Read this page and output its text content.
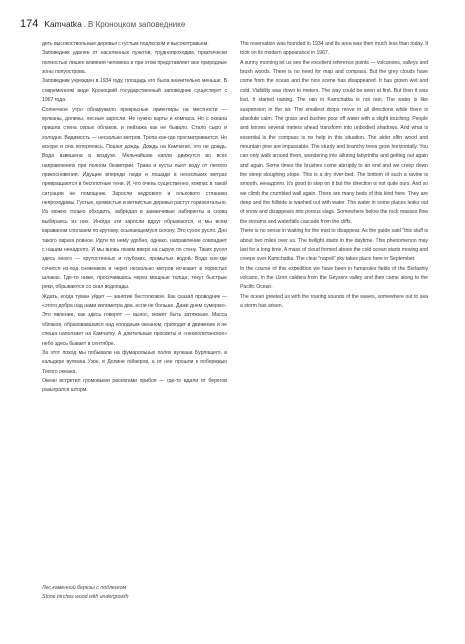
174 Kamчatka . В Кроноцком заповеднике

деть высокоствольные деревья с густым подлеском и высокотравьем.

Заповедник удален от населенных пунктов, труднопроходим, практически полностью лишен влияния человека и при этом представляет все природные зоны полуострова.

Заповедник учрежден в 1934 году, площадь его была значительно меньше. В современном виде Кроноцкий государственный заповедник существует с 1967 года.

Солнечное утро обнаружило прекрасные ориентиры на местности — вулканы, долины, лесные заросли. Не нужно карты и компаса. Но с океана пришла стена серых облаков, и пейзажа как не бывало. Стало сыро и холодно. Видимость — несколько метров. Тропа кое-где просматривается. Но вскоре и она потерялась. Пошел дождь. Дождь на Камчатке, это не дождь. Вода взвешена в воздухе. Мельчайшие капли движутся во всех направлениях при полном безветрии. Трава и кусты льют воду от легкого прикосновения. Идущие впереди люди и лошади в нескольких метрах превращаются в бесплотные тени. И, что очень существенно, компас в такой ситуации не помощник. Заросли кедрового и ольхового стланика непроходимы. Густые, кряжистые и ветвистые деревья растут горизонтально. Из можно только обходить, забредая в заманчивые лабиринты и снова выбираясь из них. Иногда эти заросли вдруг обрываются, и мы всем караваном сползаем по крутому, осыпающемуся склону. Это сухое русло. Дно такого оврага ровное. Идти по нему удобно, однако, направление совпадает с нашим ненадолго. И мы вновь лезем вверх на сырую по стену. Таких русел здесь много — крутостенных и глубоких, промытых водой. Вода кое-где сочится из-под снежников и через несколько метров исчезает в пористых шлаках. Где-то ниже, просочившись через мощные толщи, текут быстрые реки, обрываются со скал водопады.

Ждать, когда туман уйдет — занятие бестолковое. Как сказал проводник — «этого добра над нами километра два, если не больше. Даже днем сумерки». Это явление, как здесь говорят — вынос, может быть затяжным. Масса облаков, образовавшаяся над холодным океаном, приходит в движение и не спеша наползает на Камчатку. А длительные просветы и «неаполитанское» небо здесь бывает в сентябре.

За этот поход мы побывали на фумарольных полях вулкана Бурлящего, в кальдере вулкана Узон, в Долине гейзеров, а от нее прошли к побережью Тихого океана.

Океан встретил громовыми раскатами прибоя — где-то вдали от берегов разыгрался шторм.

The reservation was founded in 1934 and its area was then much less than today. It took on its modern appearance in 1967.

A sunny morning let us see the excellent reference points — volcanoes, valleys and brush woods. There is no need for map and compass. But the grey clouds have come from the ocean and the nice scene has disappeared. It has grown wet and cold. Visibility was down to meters. The way could be seen at first. But then it was lost. It started raining. The rain in Kamchatka is not rain. The water is like suspension in the air. The smallest drops move in all directions while there is absolute calm. The grass and bushes pour off water with a slight touching. People and horses several meters ahead transform into unbodied shadows. And what is essential is the compass is no help in this situation. The alder elfin wood and mountain pine are impassable. The sturdy and branchy trees grow horizontally. You can only walk around them, wandering into alluring labyrinths and getting out again and again. Some times the brushes come abruptly to an end and we creep down the steep sloughing slope. This is a dry river-bed. The bottom of such a ravine is smooth, ненадолго. It's good to step on it but the direction is not quite ours. And so we climb the crumbled wall again. There are many beds of this kind here. They are deep and the hillside is washed out with water. The water in some places leaks out of snow and disappears into porous slags. Somewhere below the rock masses flow the streams and waterfalls cascade from the cliffs.

There is no sense in waiting for the mist to disappear. As the guide said "this stuff is about two miles over us. The twilight starts in the daytime. This phenomenon may last for a long time. A mass of cloud formed above the cold ocean starts moving and creeps over Kamchatka. The clear "napoli" sky takes place here in September.

In the course of this expedition we have been in fumaroles fields of the Burlashiy volcano, in the Uzon caldera from the Geysers valley and then came along to the Pacific Ocean.

The ocean greeted us with the roaring sounds of the waves, somewhere out to sea a storm has arisen.

Лес каменной березы с подлеском
Stone birches wood with undergrowth
